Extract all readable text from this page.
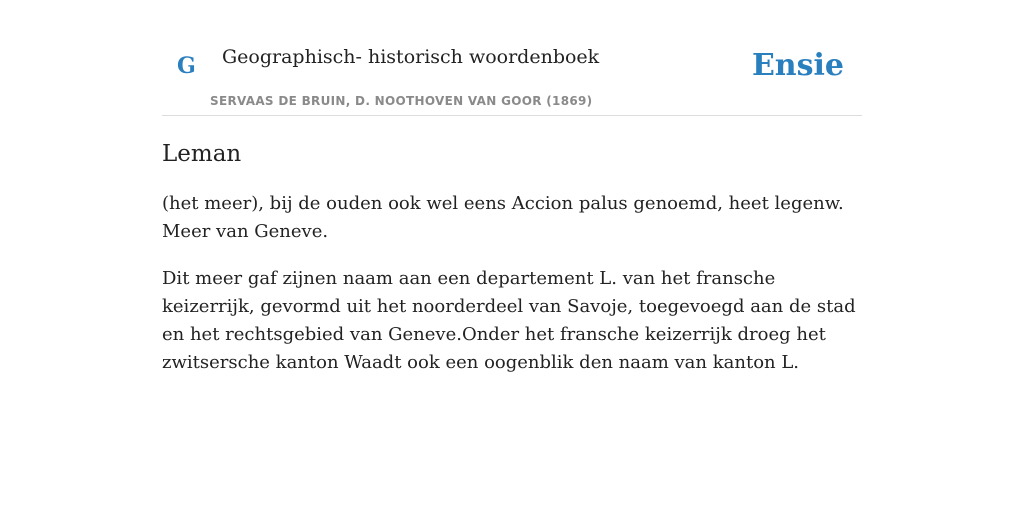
G Geographisch- historisch woordenboek
SERVAAS DE BRUIN, D. NOOTHOVEN VAN GOOR (1869)
Ensie
Leman

(het meer), bij de ouden ook wel eens Accion palus genoemd, heet legenw. Meer van Geneve.

Dit meer gaf zijnen naam aan een departement L. van het fransche keizerrijk, gevormd uit het noorderdeel van Savoje, toegevoegd aan de stad en het rechtsgebied van Geneve.Onder het fransche keizerrijk droeg het zwitsersche kanton Waadt ook een oogenblik den naam van kanton L.
